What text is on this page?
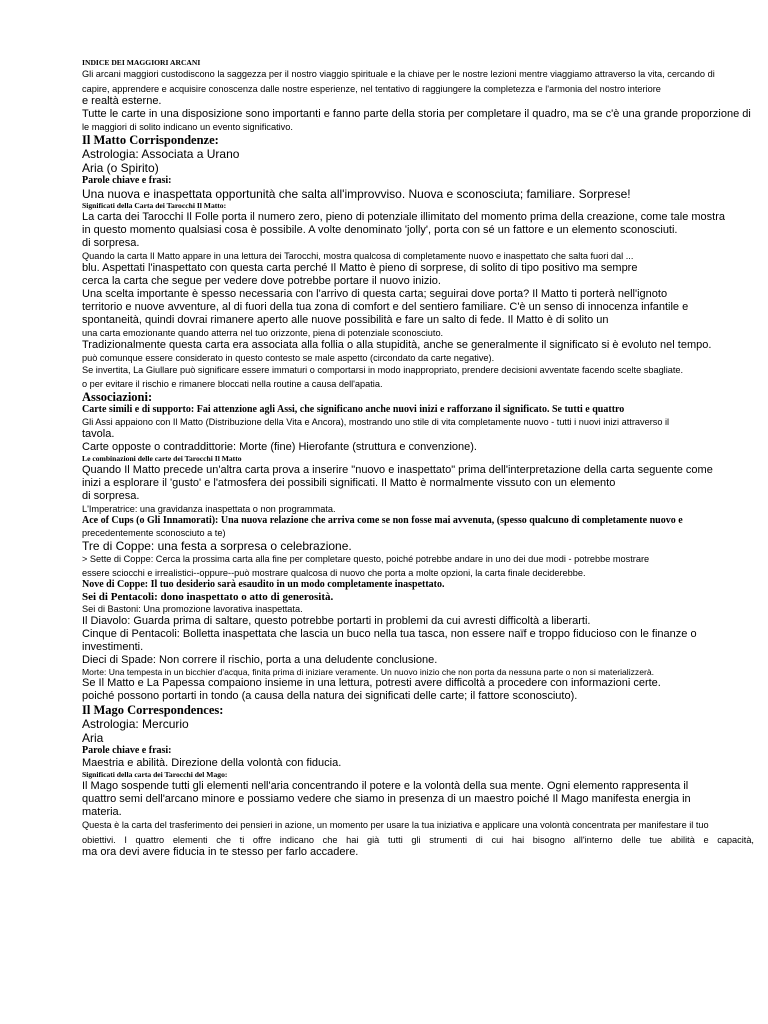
INDICE DEI MAGGIORI ARCANI
Gli arcani maggiori custodiscono la saggezza per il nostro viaggio spirituale e la chiave per le nostre lezioni mentre viaggiamo attraverso la vita, cercando di
capire, apprendere e acquisire conoscenza dalle nostre esperienze, nel tentativo di raggiungere la completezza e l'armonia del nostro interiore
e realtà esterne.
Tutte le carte in una disposizione sono importanti e fanno parte della storia per completare il quadro, ma se c'è una grande proporzione di
le maggiori di solito indicano un evento significativo.
Il Matto Corrispondenze:
Astrologia: Associata a Urano
Aria (o Spirito)
Parole chiave e frasi:
Una nuova e inaspettata opportunità che salta all'improvviso. Nuova e sconosciuta; familiare. Sorprese!
Significati della Carta dei Tarocchi Il Matto:
La carta dei Tarocchi Il Folle porta il numero zero, pieno di potenziale illimitato del momento prima della creazione, come tale mostra
in questo momento qualsiasi cosa è possibile. A volte denominato 'jolly', porta con sé un fattore e un elemento sconosciuti.
di sorpresa.
Quando la carta Il Matto appare in una lettura dei Tarocchi, mostra qualcosa di completamente nuovo e inaspettato che salta fuori dal ...
blu. Aspettati l'inaspettato con questa carta perché Il Matto è pieno di sorprese, di solito di tipo positivo ma sempre
cerca la carta che segue per vedere dove potrebbe portare il nuovo inizio.
Una scelta importante è spesso necessaria con l'arrivo di questa carta; seguirai dove porta? Il Matto ti porterà nell'ignoto
territorio e nuove avventure, al di fuori della tua zona di comfort e del sentiero familiare. C'è un senso di innocenza infantile e
spontaneità, quindi dovrai rimanere aperto alle nuove possibilità e fare un salto di fede. Il Matto è di solito un
una carta emozionante quando atterra nel tuo orizzonte, piena di potenziale sconosciuto.
Tradizionalmente questa carta era associata alla follia o alla stupidità, anche se generalmente il significato si è evoluto nel tempo.
può comunque essere considerato in questo contesto se male aspetto (circondato da carte negative).
Se invertita, La Giullare può significare essere immaturi o comportarsi in modo inappropriato, prendere decisioni avventate facendo scelte sbagliate.
o per evitare il rischio e rimanere bloccati nella routine a causa dell'apatia.
Associazioni:
Carte simili e di supporto: Fai attenzione agli Assi, che significano anche nuovi inizi e rafforzano il significato. Se tutti e quattro
Gli Assi appaiono con Il Matto (Distribuzione della Vita e Ancora), mostrando uno stile di vita completamente nuovo - tutti i nuovi inizi attraverso il
tavola.
Carte opposte o contraddittorie: Morte (fine) Hierofante (struttura e convenzione).
Le combinazioni delle carte dei Tarocchi Il Matto
Quando Il Matto precede un'altra carta prova a inserire "nuovo e inaspettato" prima dell'interpretazione della carta seguente come
inizi a esplorare il 'gusto' e l'atmosfera dei possibili significati. Il Matto è normalmente vissuto con un elemento
di sorpresa.
L'Imperatrice: una gravidanza inaspettata o non programmata.
Ace of Cups (o Gli Innamorati): Una nuova relazione che arriva come se non fosse mai avvenuta, (spesso qualcuno di completamente nuovo e
precedentemente sconosciuto a te)
Tre di Coppe: una festa a sorpresa o celebrazione.
> Sette di Coppe: Cerca la prossima carta alla fine per completare questo, poiché potrebbe andare in uno dei due modi - potrebbe mostrare
essere sciocchi e irrealistici--oppure--può mostrare qualcosa di nuovo che porta a molte opzioni, la carta finale deciderebbe.
Nove di Coppe: Il tuo desiderio sarà esaudito in un modo completamente inaspettato.
Sei di Pentacoli: dono inaspettato o atto di generosità.
Sei di Bastoni: Una promozione lavorativa inaspettata.
Il Diavolo: Guarda prima di saltare, questo potrebbe portarti in problemi da cui avresti difficoltà a liberarti.
Cinque di Pentacoli: Bolletta inaspettata che lascia un buco nella tua tasca, non essere naïf e troppo fiducioso con le finanze o
investimenti.
Dieci di Spade: Non correre il rischio, porta a una deludente conclusione.
Morte: Una tempesta in un bicchier d'acqua, finita prima di iniziare veramente. Un nuovo inizio che non porta da nessuna parte o non si materializzerà.
Se Il Matto e La Papessa compaiono insieme in una lettura, potresti avere difficoltà a procedere con informazioni certe.
poiché possono portarti in tondo (a causa della natura dei significati delle carte; il fattore sconosciuto).
Il Mago Correspondences:
Astrologia: Mercurio
Aria
Parole chiave e frasi:
Maestria e abilità. Direzione della volontà con fiducia.
Significati della carta dei Tarocchi del Mago:
Il Mago sospende tutti gli elementi nell'aria concentrando il potere e la volontà della sua mente. Ogni elemento rappresenta il
quattro semi dell'arcano minore e possiamo vedere che siamo in presenza di un maestro poiché Il Mago manifesta energia in
materia.
Questa è la carta del trasferimento dei pensieri in azione, un momento per usare la tua iniziativa e applicare una volontà concentrata per manifestare il tuo
obiettivi. I quattro elementi che ti offre indicano che hai già tutti gli strumenti di cui hai bisogno all'interno delle tue abilità e capacità,
ma ora devi avere fiducia in te stesso per farlo accadere.
